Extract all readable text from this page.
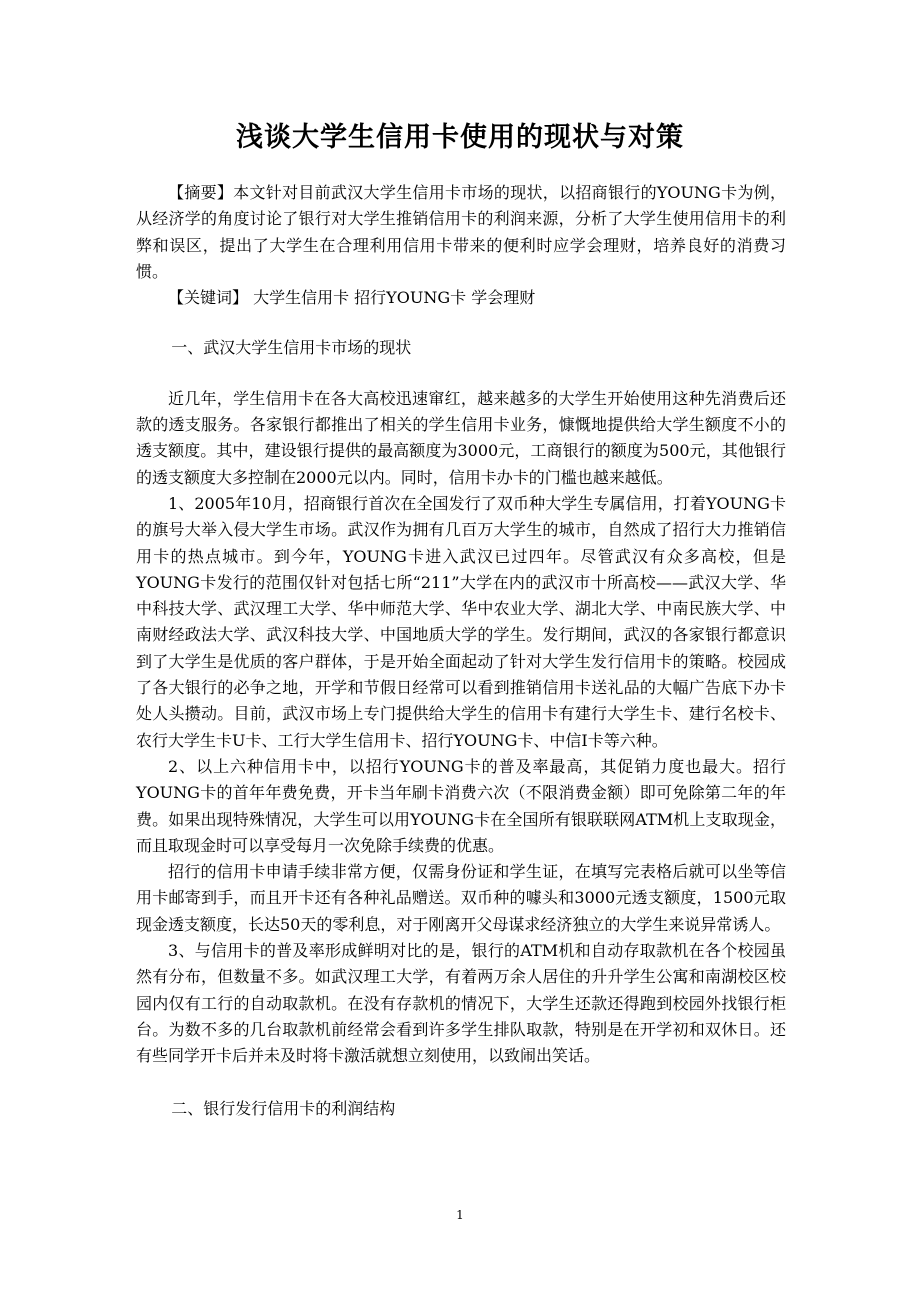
浅谈大学生信用卡使用的现状与对策

【摘要】本文针对目前武汉大学生信用卡市场的现状，以招商银行的YOUNG卡为例，从经济学的角度讨论了银行对大学生推销信用卡的利润来源，分析了大学生使用信用卡的利弊和误区，提出了大学生在合理利用信用卡带来的便利时应学会理财，培养良好的消费习惯。

【关键词】 大学生信用卡 招行YOUNG卡 学会理财

一、武汉大学生信用卡市场的现状

近几年，学生信用卡在各大高校迅速窜红，越来越多的大学生开始使用这种先消费后还款的透支服务。各家银行都推出了相关的学生信用卡业务，慷慨地提供给大学生额度不小的透支额度。其中，建设银行提供的最高额度为3000元，工商银行的额度为500元，其他银行的透支额度大多控制在2000元以内。同时，信用卡办卡的门槛也越来越低。

1、2005年10月，招商银行首次在全国发行了双币种大学生专属信用，打着YOUNG卡的旗号大举入侵大学生市场。武汉作为拥有几百万大学生的城市，自然成了招行大力推销信用卡的热点城市。到今年，YOUNG卡进入武汉已过四年。尽管武汉有众多高校，但是YOUNG卡发行的范围仅针对包括七所“211”大学在内的武汉市十所高校——武汉大学、华中科技大学、武汉理工大学、华中师范大学、华中农业大学、湖北大学、中南民族大学、中南财经政法大学、武汉科技大学、中国地质大学的学生。发行期间，武汉的各家银行都意识到了大学生是优质的客户群体，于是开始全面起动了针对大学生发行信用卡的策略。校园成了各大银行的必争之地，开学和节假日经常可以看到推销信用卡送礼品的大幅广告底下办卡处人头攒动。目前，武汉市场上专门提供给大学生的信用卡有建行大学生卡、建行名校卡、农行大学生卡U卡、工行大学生信用卡、招行YOUNG卡、中信I卡等六种。

2、以上六种信用卡中，以招行YOUNG卡的普及率最高，其促销力度也最大。招行YOUNG卡的首年年费免费，开卡当年刷卡消费六次（不限消费金额）即可免除第二年的年费。如果出现特殊情况，大学生可以用YOUNG卡在全国所有银联联网ATM机上支取现金，而且取现金时可以享受每月一次免除手续费的优惠。

招行的信用卡申请手续非常方便，仅需身份证和学生证，在填写完表格后就可以坐等信用卡邮寄到手，而且开卡还有各种礼品赠送。双币种的噱头和3000元透支额度，1500元取现金透支额度，长达50天的零利息，对于刚离开父母谋求经济独立的大学生来说异常诱人。

3、与信用卡的普及率形成鲜明对比的是，银行的ATM机和自动存取款机在各个校园虽然有分布，但数量不多。如武汉理工大学，有着两万余人居住的升升学生公寓和南湖校区校园内仅有工行的自动取款机。在没有存款机的情况下，大学生还款还得跑到校园外找银行柜台。为数不多的几台取款机前经常会看到许多学生排队取款，特别是在开学初和双休日。还有些同学开卡后并未及时将卡激活就想立刻使用，以致闹出笑话。

二、银行发行信用卡的利润结构

1
